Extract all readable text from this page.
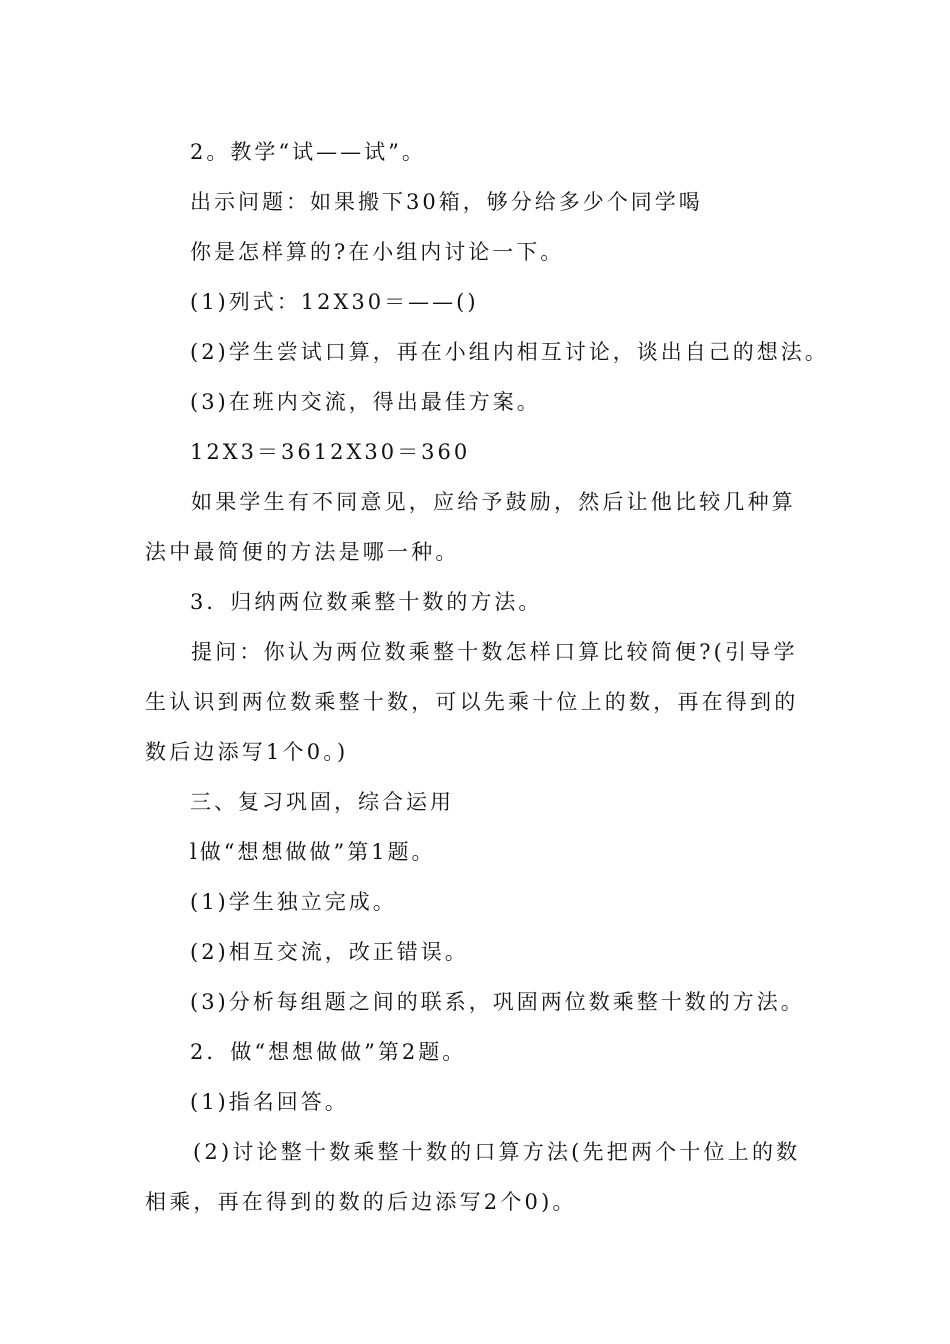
2。教学“试——试”。
出示问题：如果搬下30箱，够分给多少个同学喝
你是怎样算的?在小组内讨论一下。
(1)列式：12X30＝——()
(2)学生尝试口算，再在小组内相互讨论，谈出自己的想法。
(3)在班内交流，得出最佳方案。
12X3＝3612X30＝360
如果学生有不同意见，应给予鼓励，然后让他比较几种算法中最简便的方法是哪一种。
3．归纳两位数乘整十数的方法。
提问：你认为两位数乘整十数怎样口算比较简便?(引导学生认识到两位数乘整十数，可以先乘十位上的数，再在得到的数后边添写1个0。)
三、复习巩固，综合运用
l做“想想做做”第1题。
(1)学生独立完成。
(2)相互交流，改正错误。
(3)分析每组题之间的联系，巩固两位数乘整十数的方法。
2．做“想想做做”第2题。
(1)指名回答。
(2)讨论整十数乘整十数的口算方法(先把两个十位上的数相乘，再在得到的数的后边添写2个0)。
